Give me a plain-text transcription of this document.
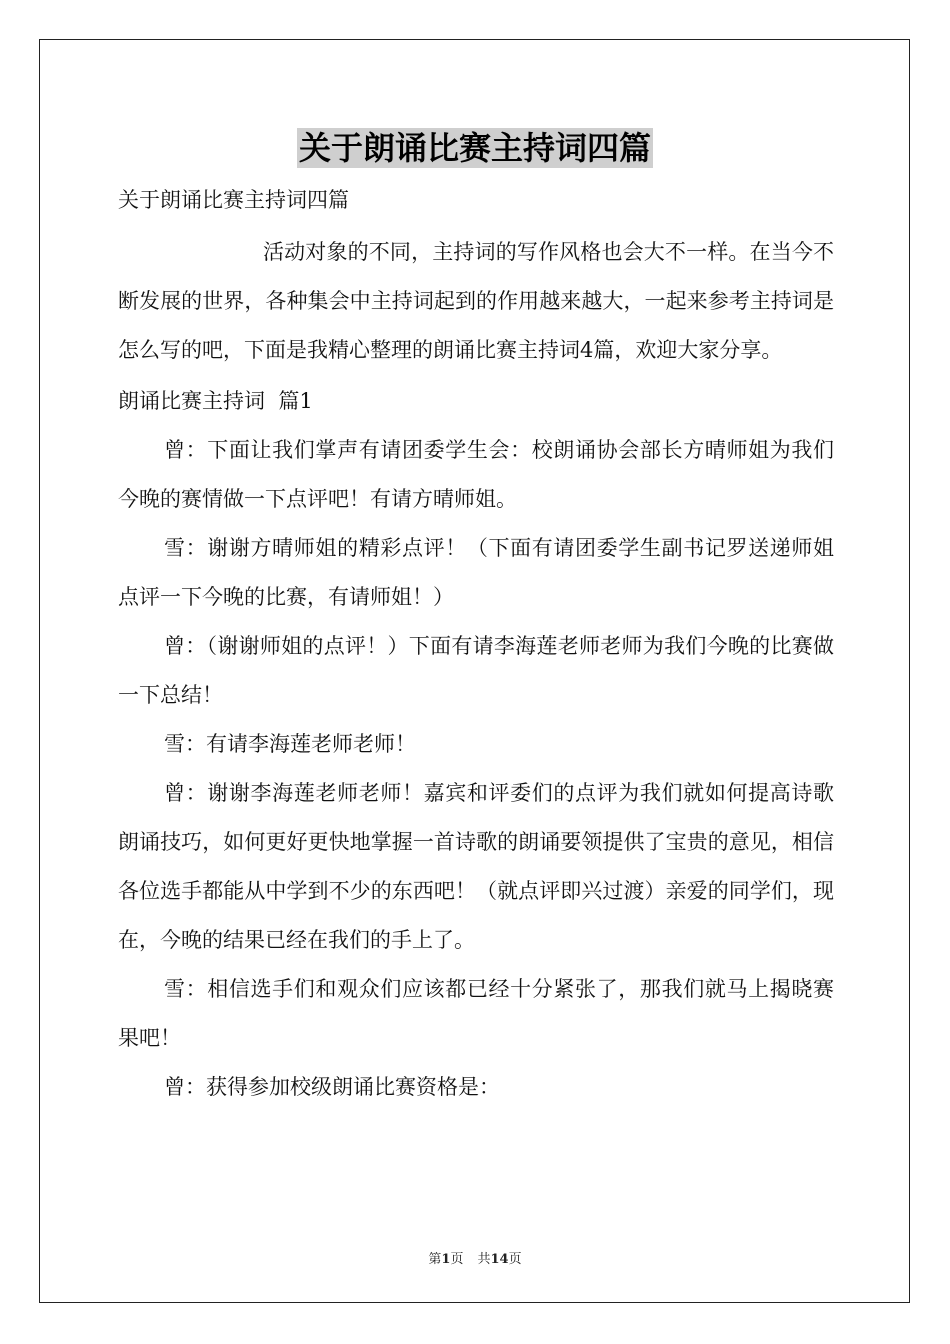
关于朗诵比赛主持词四篇

关于朗诵比赛主持词四篇

活动对象的不同，主持词的写作风格也会大不一样。在当今不断发展的世界，各种集会中主持词起到的作用越来越大，一起来参考主持词是怎么写的吧，下面是我精心整理的朗诵比赛主持词4篇，欢迎大家分享。

朗诵比赛主持词  篇1

曾：下面让我们掌声有请团委学生会：校朗诵协会部长方晴师姐为我们今晚的赛情做一下点评吧！有请方晴师姐。

雪：谢谢方晴师姐的精彩点评！（下面有请团委学生副书记罗送递师姐点评一下今晚的比赛，有请师姐！）

曾：（谢谢师姐的点评！）下面有请李海莲老师老师为我们今晚的比赛做一下总结！

雪：有请李海莲老师老师！

曾：谢谢李海莲老师老师！嘉宾和评委们的点评为我们就如何提高诗歌朗诵技巧，如何更好更快地掌握一首诗歌的朗诵要领提供了宝贵的意见，相信各位选手都能从中学到不少的东西吧！（就点评即兴过渡）亲爱的同学们，现在，今晚的结果已经在我们的手上了。

雪：相信选手们和观众们应该都已经十分紧张了，那我们就马上揭晓赛果吧！

曾：获得参加校级朗诵比赛资格是：

第1页 共14页
